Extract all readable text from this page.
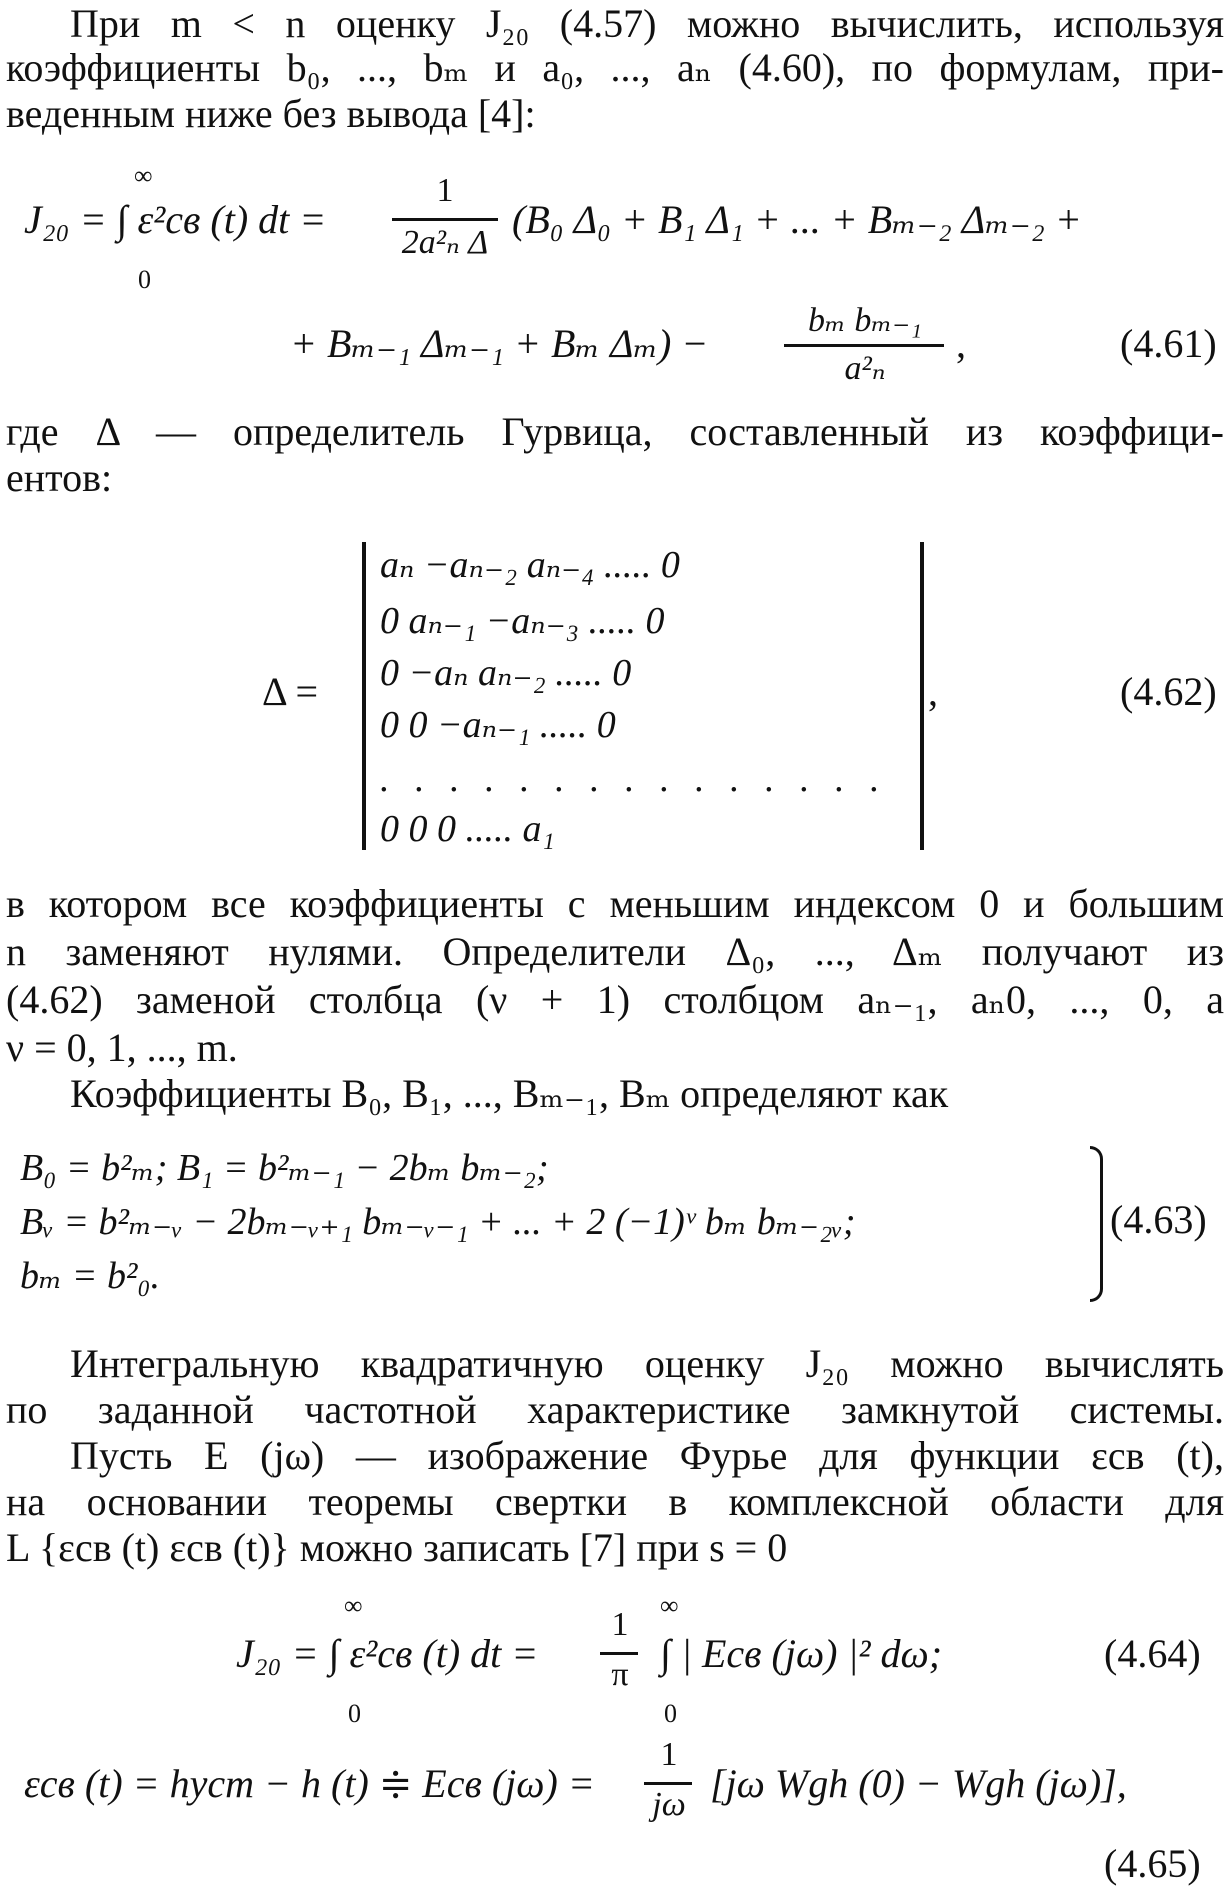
При m < n оценку J₂₀ (4.57) можно вычислить, используя
коэффициенты b₀, ..., bₘ и a₀, ..., aₙ (4.60), по формулам, при-
веденным ниже без вывода [4]:
∞
0
J₂₀ = ∫ ε²св (t) dt =
1
2a²ₙ Δ
(B₀ Δ₀ + B₁ Δ₁ + ... + Bₘ₋₂ Δₘ₋₂ +
+ Bₘ₋₁ Δₘ₋₁ + Bₘ Δₘ) −
bₘ bₘ₋₁
a²ₙ
,	(4.61)
где Δ — определитель Гурвица, составленный из коэффици-
ентов:
Δ =
aₙ −aₙ₋₂ aₙ₋₄ ..... 0
0 aₙ₋₁ −aₙ₋₃ ..... 0
0 −aₙ aₙ₋₂ ..... 0
0 0 −aₙ₋₁ ..... 0
. . . . . . . . . . . . . . .
0 0 0 ..... a₁
,	(4.62)
в котором все коэффициенты с меньшим индексом 0 и большим
n заменяют нулями. Определители Δ₀, ..., Δₘ получают из
(4.62) заменой столбца (ν + 1) столбцом aₙ₋₁, aₙ0, ..., 0, а
ν = 0, 1, ..., m.
Коэффициенты B₀, B₁, ..., Bₘ₋₁, Bₘ определяют как
B₀ = b²ₘ; B₁ = b²ₘ₋₁ − 2bₘ bₘ₋₂;
Bᵥ = b²ₘ₋ᵥ − 2bₘ₋ᵥ₊₁ bₘ₋ᵥ₋₁ + ... + 2 (−1)ᵛ bₘ bₘ₋₂ᵥ;
bₘ = b²₀.
(4.63)
Интегральную квадратичную оценку J₂₀ можно вычислять
по заданной частотной характеристике замкнутой системы.
Пусть E (jω) — изображение Фурье для функции εсв (t),
на основании теоремы свертки в комплексной области для
L {εсв (t) εсв (t)} можно записать [7] при s = 0
∞
0
J₂₀ = ∫ ε²св (t) dt =
1
π
∞
0
∫ | Eсв (jω) |² dω;	(4.64)
εсв (t) = hуст − h (t) ≑ Eсв (jω) =
1
jω [jω Wgh (0) − Wgh (jω)],
(4.65)
